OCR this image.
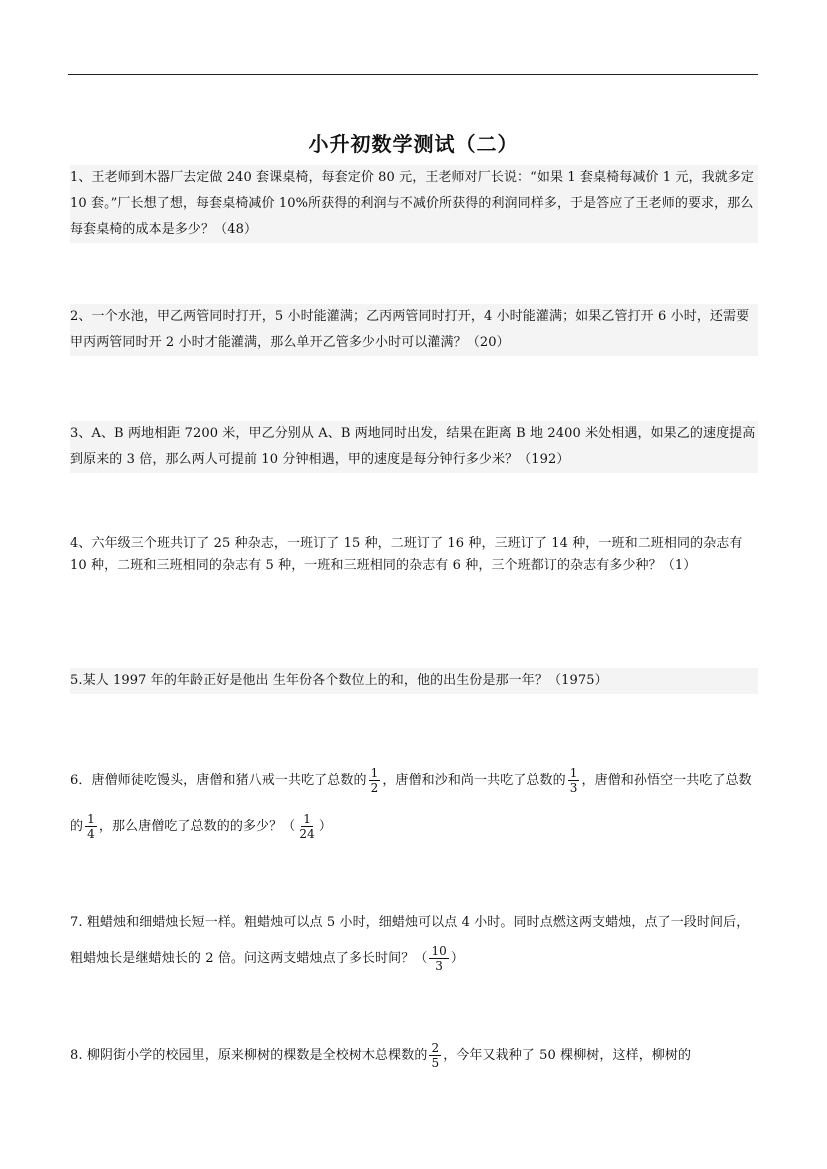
小升初数学测试（二）
1、王老师到木器厂去定做 240 套课桌椅，每套定价 80 元，王老师对厂长说：“如果 1 套桌椅每减价 1 元，我就多定 10 套。”厂长想了想，每套桌椅减价 10%所获得的利润与不减价所获得的利润同样多，于是答应了王老师的要求，那么每套桌椅的成本是多少？（48）
2、一个水池，甲乙两管同时打开，5 小时能灌满；乙丙两管同时打开，4 小时能灌满；如果乙管打开 6 小时，还需要甲丙两管同时开 2 小时才能灌满，那么单开乙管多少小时可以灌满？（20）
3、A、B 两地相距 7200 米，甲乙分别从 A、B 两地同时出发，结果在距离 B 地 2400 米处相遇，如果乙的速度提高到原来的 3 倍，那么两人可提前 10 分钟相遇，甲的速度是每分钟行多少米？（192）
4、六年级三个班共订了 25 种杂志，一班订了 15 种，二班订了 16 种，三班订了 14 种，一班和二班相同的杂志有 10 种，二班和三班相同的杂志有 5 种，一班和三班相同的杂志有 6 种，三个班都订的杂志有多少种？（1）
5.某人 1997 年的年龄正好是他出 生年份各个数位上的和，他的出生份是那一年？（1975）
6．唐僧师徒吃馒头，唐僧和猪八戒一共吃了总数的 $\frac{1}{2}$ ，唐僧和沙和尚一共吃了总数的 $\frac{1}{3}$ ，唐僧和孙悟空一共吃了总数的 $\frac{1}{4}$ ，那么唐僧吃了总数的的多少？（ $\frac{1}{24}$ ）
7. 粗蜡烛和细蜡烛长短一样。粗蜡烛可以点 5 小时，细蜡烛可以点 4 小时。同时点燃这两支蜡烛，点了一段时间后，粗蜡烛长是继蜡烛长的 2 倍。问这两支蜡烛点了多长时间？（ $\frac{10}{3}$ ）
8. 柳阴街小学的校园里，原来柳树的棵数是全校树木总棵数的 $\frac{2}{5}$ ，今年又栽种了 50 棵柳树，这样，柳树的
